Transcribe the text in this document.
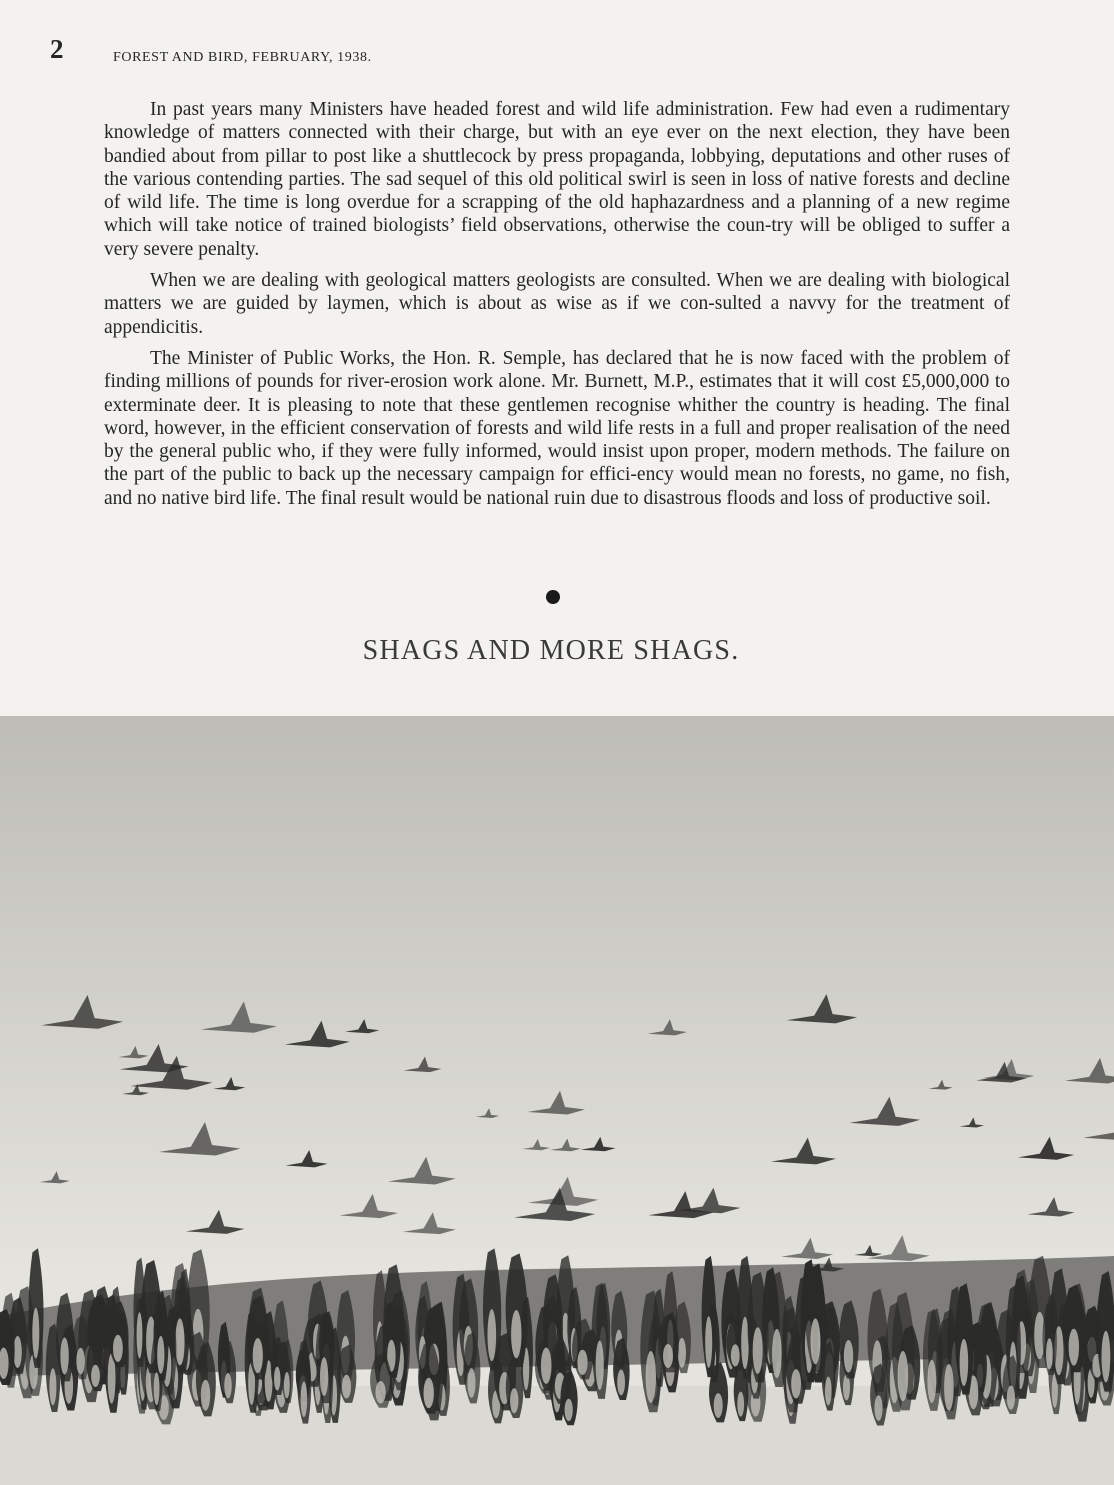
2	FOREST AND BIRD, FEBRUARY, 1938.

In past years many Ministers have headed forest and wild life administration. Few had even a rudimentary knowledge of matters connected with their charge, but with an eye ever on the next election, they have been bandied about from pillar to post like a shuttlecock by press propaganda, lobbying, deputations and other ruses of the various contending parties. The sad sequel of this old political swirl is seen in loss of native forests and decline of wild life. The time is long overdue for a scrapping of the old haphazardness and a planning of a new regime which will take notice of trained biologists’ field observations, otherwise the coun-try will be obliged to suffer a very severe penalty.

When we are dealing with geological matters geologists are consulted. When we are dealing with biological matters we are guided by laymen, which is about as wise as if we con-sulted a navvy for the treatment of appendicitis.

The Minister of Public Works, the Hon. R. Semple, has declared that he is now faced with the problem of finding millions of pounds for river-erosion work alone. Mr. Burnett, M.P., estimates that it will cost £5,000,000 to exterminate deer. It is pleasing to note that these gentlemen recognise whither the country is heading. The final word, however, in the efficient conservation of forests and wild life rests in a full and proper realisation of the need by the general public who, if they were fully informed, would insist upon proper, modern methods. The failure on the part of the public to back up the necessary campaign for effici-ency would mean no forests, no game, no fish, and no native bird life. The final result would be national ruin due to disastrous floods and loss of productive soil.

SHAGS AND MORE SHAGS.
